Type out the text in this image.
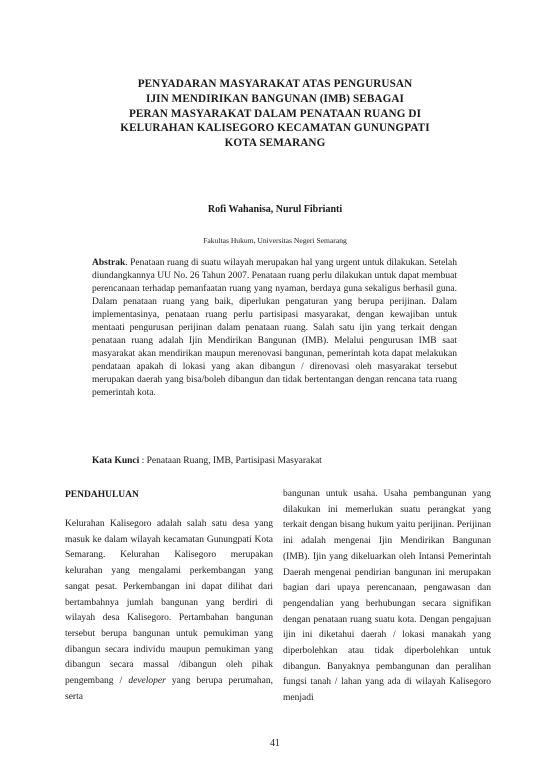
PENYADARAN MASYARAKAT ATAS PENGURUSAN
IJIN MENDIRIKAN BANGUNAN (IMB) SEBAGAI
PERAN MASYARAKAT DALAM PENATAAN RUANG DI
KELURAHAN KALISEGORO KECAMATAN GUNUNGPATI
KOTA SEMARANG

Rofi Wahanisa, Nurul Fibrianti

Fakultas Hukum, Universitas Negeri Semarang

Abstrak. Penataan ruang di suatu wilayah merupakan hal yang urgent untuk dilakukan. Setelah diundangkannya UU No. 26 Tahun 2007. Penataan ruang perlu dilakukan untuk dapat membuat perencanaan terhadap pemanfaatan ruang yang nyaman, berdaya guna sekaligus berhasil guna. Dalam penataan ruang yang baik, diperlukan pengaturan yang berupa perijinan. Dalam implementasinya, penataan ruang perlu partisipasi masyarakat, dengan kewajiban untuk mentaati pengurusan perijinan dalam penataan ruang. Salah satu ijin yang terkait dengan penataan ruang adalah Ijin Mendirikan Bangunan (IMB). Melalui pengurusan IMB saat masyarakat akan mendirikan maupun merenovasi bangunan, pemerintah kota dapat melakukan pendataan apakah di lokasi yang akan dibangun / direnovasi oleh masyarakat tersebut merupakan daerah yang bisa/boleh dibangun dan tidak bertentangan dengan rencana tata ruang pemerintah kota.

Kata Kunci : Penataan Ruang, IMB, Partisipasi Masyarakat

PENDAHULUAN

Kelurahan Kalisegoro adalah salah satu desa yang masuk ke dalam wilayah kecamatan Gunungpati Kota Semarang. Kelurahan Kalisegoro merupakan kelurahan yang mengalami perkembangan yang sangat pesat. Perkembangan ini dapat dilihat dari bertambahnya jumlah bangunan yang berdiri di wilayah desa Kalisegoro. Pertambahan bangunan tersebut berupa bangunan untuk pemukiman yang dibangun secara individu maupun pemukiman yang dibangun secara massal /dibangun oleh pihak pengembang / developer yang berupa perumahan, serta

bangunan untuk usaha. Usaha pembangunan yang dilakukan ini memerlukan suatu perangkat yang terkait dengan bisang hukum yaitu perijinan. Perijinan ini adalah mengenai Ijin Mendirikan Bangunan (IMB). Ijin yang dikeluarkan oleh Intansi Pemerintah Daerah mengenai pendirian bangunan ini merupakan bagian dari upaya perencanaan, pengawasan dan pengendalian yang berhubungan secara signifikan dengan penataan ruang suatu kota. Dengan pengajuan ijin ini diketahui daerah / lokasi manakah yang diperbolehkan atau tidak diperbolehkan untuk dibangun. Banyaknya pembangunan dan peralihan fungsi tanah / lahan yang ada di wilayah Kalisegoro menjadi

41
